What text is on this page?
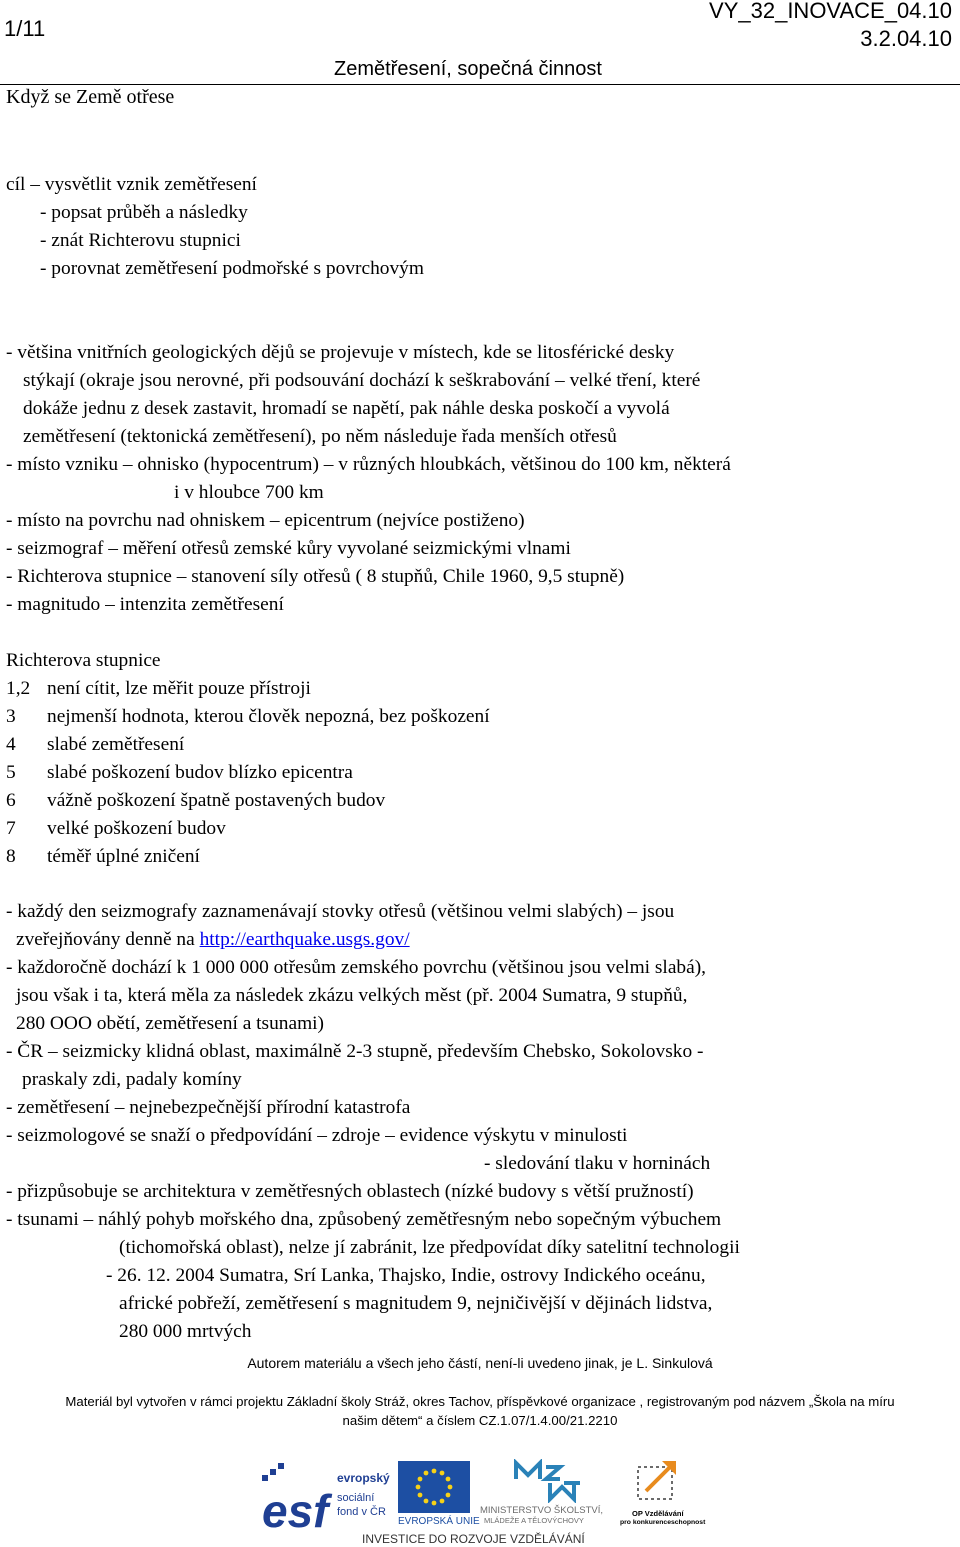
1/11
VY_32_INOVACE_04.10
3.2.04.10
Zemětřesení, sopečná činnost
Když se Země otřese
cíl – vysvětlit vznik zemětřesení
- popsat průběh a následky
- znát Richterovu stupnici
- porovnat zemětřesení podmořské s povrchovým
- většina vnitřních geologických dějů se projevuje v místech, kde se litosférické desky
stýkají (okraje jsou nerovné, při podsouvání dochází k seškrabování – velké tření, které
dokáže jednu z desek zastavit, hromadí se napětí, pak náhle deska poskočí a vyvolá
zemětřesení (tektonická zemětřesení), po něm následuje řada menších otřesů
- místo vzniku – ohnisko (hypocentrum) – v různých hloubkách, většinou do 100 km, některá
i v hloubce 700 km
- místo na povrchu nad ohniskem – epicentrum (nejvíce postiženo)
- seizmograf – měření otřesů zemské kůry vyvolané seizmickými vlnami
- Richterova stupnice – stanovení síly otřesů ( 8 stupňů, Chile 1960, 9,5 stupně)
- magnitudo – intenzita zemětřesení
Richterova stupnice
1,2 není cítit, lze měřit pouze přístroji
3 nejmenší hodnota, kterou člověk nepozná, bez poškození
4 slabé zemětřesení
5 slabé poškození budov blízko epicentra
6 vážně poškození špatně postavených budov
7 velké poškození budov
8 téměř úplné zničení
- každý den seizmografy zaznamenávají stovky otřesů (většinou velmi slabých) – jsou
zveřejňovány denně na http://earthquake.usgs.gov/
- každoročně dochází k 1 000 000 otřesům zemského povrchu (většinou jsou velmi slabá),
jsou však i ta, která měla za následek zkázu velkých měst (př. 2004 Sumatra, 9 stupňů,
280 OOO obětí, zemětřesení a tsunami)
- ČR – seizmicky klidná oblast, maximálně 2-3 stupně, především Chebsko, Sokolovsko -
praskaly zdi, padaly komíny
- zemětřesení – nejnebezpečnější přírodní katastrofa
- seizmologové se snaží o předpovídání – zdroje – evidence výskytu v minulosti
- sledování tlaku v horninách
- přizpůsobuje se architektura v zemětřesných oblastech (nízké budovy s větší pružností)
- tsunami – náhlý pohyb mořského dna, způsobený zemětřesným nebo sopečným výbuchem
(tichomořská oblast), nelze jí zabránit, lze předpovídat díky satelitní technologii
- 26. 12. 2004 Sumatra, Srí Lanka, Thajsko, Indie, ostrovy Indického oceánu,
africké pobřeží, zemětřesení s magnitudem 9, nejničivější v dějinách lidstva,
280 000 mrtvých
Autorem materiálu a všech jeho částí, není-li uvedeno jinak, je L. Sinkulová
Materiál byl vytvořen v rámci projektu Základní školy Stráž, okres Tachov, příspěvkové organizace , registrovaným pod názvem „Škola na míru
našim dětem“ a číslem CZ.1.07/1.4.00/21.2210
esf
evropský
sociální
fond v ČR
EVROPSKÁ UNIE
MINISTERSTVO ŠKOLSTVÍ,
MLÁDEŽE A TĚLOVÝCHOVY
OP Vzdělávání
pro konkurenceschopnost
INVESTICE DO ROZVOJE VZDĚLÁVÁNÍ
